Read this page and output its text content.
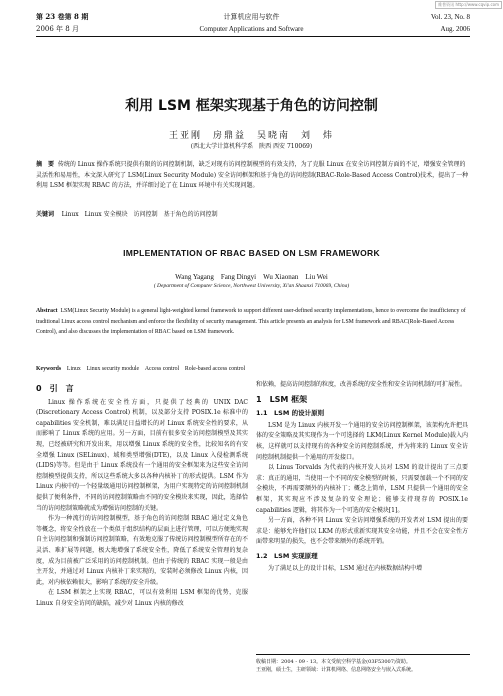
维普资讯 http://www.cqvip.com
第 23 卷第 8 期
2006 年 8 月
计算机应用与软件
Computer Applications and Software
Vol. 23, No. 8
Aug. 2006
利用 LSM 框架实现基于角色的访问控制
王亚刚　房鼎益　吴晓南　刘　炜
(西北大学计算机科学系　陕西 西安 710069)
摘　要 传统的 Linux 操作系统只提供有限的访问控制机制，缺乏对现有访问控制模型的有效支持，为了克服 Linux 在安全访问控制方面的不足，增强安全管理的灵活性和易用性，本文深入研究了 LSM(Linux Security Module) 安全访问框架和基于角色的访问控制(RBAC-Role-Based Access Control)技术，提出了一种利用 LSM 框架实现 RBAC 的方法，并详细讨论了在 Linux 环境中有关实现问题。
关键词 Linux　Linux 安全模块　访问控制　基于角色的访问控制
IMPLEMENTATION OF RBAC BASED ON LSM FRAMEWORK
Wang Yagang　Fang Dingyi　Wu Xiaonan　Liu Wei
( Department of Computer Science, Northwest University, Xi'an Shaanxi 710069, China)
Abstract LSM(Linux Security Module) is a general light-weighted kernel framework to support different user-defined security implementations, hence to overcome the insufficiency of traditional Linux access control mechanism and enforce the flexibility of security management. This article presents an analysis for LSM framework and RBAC(Role-Based Access Control), and also discusses the implementation of RBAC based on LSM framework.
Keywords Linux　Linux security module　Access control　Role-based access control
0　引　言

Linux 操作系统在安全性方面，只提供了经典的 UNIX DAC (Discretionary Access Control) 机制，以及部分支持 POSIX.1e 标准中的 capabilities 安全机制，难以满足日益增长的对 Linux 系统安全性的要求，从而影响了 Linux 系统的应用。另一方面，目前有很多安全访问控制模型及其实现，已经被研究和开发出来，用以增强 Linux 系统的安全性，比较知名的有安全增强 Linux (SELinux)、域和类型增强(DTE)，以及 Linux 入侵检测系统(LIDS)等等。但是由于 Linux 系统没有一个通用的安全框架来为这些安全访问控制模型提供支持，所以这些系统大多以各种内核补丁的形式提供。LSM 作为 Linux 内核中的一个轻量级通用访问控制框架，为用户实现特定的访问控制机制提供了便利条件，不同的访问控制策略由不同的安全模块来实现，因此，选择恰当的访问控制策略就成为增强访问控制的关键。

作为一种流行的访问控制模型，基于角色的访问控制 RBAC 通过定义角色等概念，将安全性放在一个类似于组织结构的层面上进行管理，可以方便地实现自主访问控制和强制访问控制策略，有效地克服了传统访问控制模型所存在的不灵活、难扩展等问题，极大地增强了系统安全性，降低了系统安全管理的复杂度，成为目前被广泛采用的访问控制机制。但由于传统的 RBAC 实现一般是由主开发，并通过对 Linux 内核补丁来实现的，安装时必须修改 Linux 内核，因此，对内核依赖很大，影响了系统的安全升级。

在 LSM 框架之上实现 RBAC，可以有效利用 LSM 框架的优势，克服 Linux 自身安全访问的缺陷，减少对 Linux 内核的修改

和依赖，提高访问控制的粒度，改善系统的安全性和安全访问机制的可扩展性。

1　LSM 框架
1.1　LSM 的设计原则

LSM 是为 Linux 内核开发一个通用的安全访问控制框架，该架构允许把具体的安全策略及其实现作为一个可选择的 LKM(Linux Kernel Module)载入内核，这样就可以支持现有的各种安全访问控制系统，并为将来的 Linux 安全访问控制机制提供一个通用的开发接口。

以 Linus Torvalds 为代表的内核开发人员对 LSM 的设计提出了三点要求：真正的通用，当使用一个不同的安全模型的时候，只需要加载一个不同的安全模块，不再需要额外的内核补丁；概念上简单，LSM 只提供一个通用的安全框架，其实现应不涉及复杂的安全理论；能够支持现存的 POSIX.1e capabilities 逻辑，将其作为一个可选的安全模块[1]。

另一方面，各种不同 Linux 安全访问增强系统的开发者对 LSM 提出的要求是：能够允许他们以 LKM 的形式重新实现其安全功能，并且不会在安全性方面带来明显的损失，也不会带来额外的系统开销。

1.2　LSM 实现原理

为了满足以上的设计目标，LSM 通过在内核数据结构中增

收稿日期：2004 - 09 - 13。本文受航空科学基金(03F53007)资助。
王亚刚，硕士生，主研领域：计算机网络、信息网络安全与嵌入式系统。
